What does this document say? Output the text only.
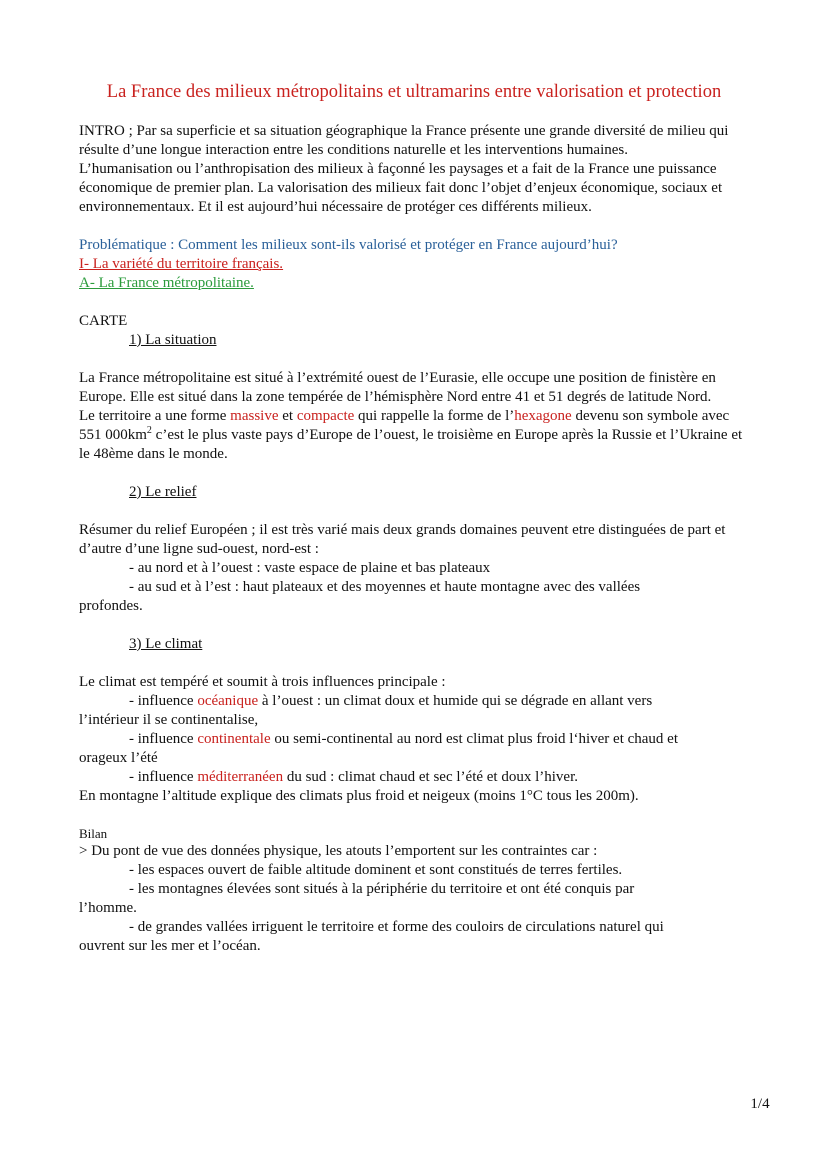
La France des milieux métropolitains et ultramarins entre valorisation et protection

INTRO ; Par sa superficie et sa situation géographique la France présente une grande diversité de milieu qui résulte d’une longue interaction entre les conditions naturelle et les interventions humaines.

L’humanisation ou l’anthropisation des milieux à façonné les paysages et a fait de la France une puissance économique de premier plan. La valorisation des milieux fait donc l’objet d’enjeux économique, sociaux et environnementaux. Et il est aujourd’hui nécessaire de protéger ces différents milieux.

Problématique : Comment les milieux sont-ils valorisé et protéger en France aujourd’hui?

I- La variété du territoire français.

A- La France métropolitaine.

CARTE

1) La situation

La France métropolitaine est situé à l’extrémité ouest de l’Eurasie, elle occupe une position de finistère en Europe. Elle est situé dans la zone tempérée de l’hémisphère Nord entre 41 et 51 degrés de latitude Nord.

Le territoire a une forme massive et compacte qui rappelle la forme de l’hexagone devenu son symbole avec 551 $000km^2$ c’est le plus vaste pays d’Europe de l’ouest, le troisième en Europe après la Russie et l’Ukraine et le 48ème dans le monde.

2) Le relief

Résumer du relief Européen ; il est très varié mais deux grands domaines peuvent etre distinguées de part et d’autre d’une ligne sud-ouest, nord-est :

- au nord et à l’ouest : vaste espace de plaine et bas plateaux

- au sud et à l’est : haut plateaux et des moyennes et haute montagne avec des vallées

profondes.

3) Le climat

Le climat est tempéré et soumit à trois influences principale :

- influence océanique à l’ouest : un climat doux et humide qui se dégrade en allant vers

l’intérieur il se continentalise,

- influence continentale ou semi-continental au nord est climat plus froid l‘hiver et chaud et

orageux l’été

- influence méditerranéen du sud : climat chaud et sec l’été et doux l’hiver.

En montagne l’altitude explique des climats plus froid et neigeux (moins 1°C tous les 200m).

Bilan

> Du pont de vue des données physique, les atouts l’emportent sur les contraintes car :

- les espaces ouvert de faible altitude dominent et sont constitués de terres fertiles.

- les montagnes élevées sont situés à la périphérie du territoire et ont été conquis par

l’homme.

- de grandes vallées irriguent le territoire et forme des couloirs de circulations naturel qui

ouvrent sur les mer et l’océan.

1/4
